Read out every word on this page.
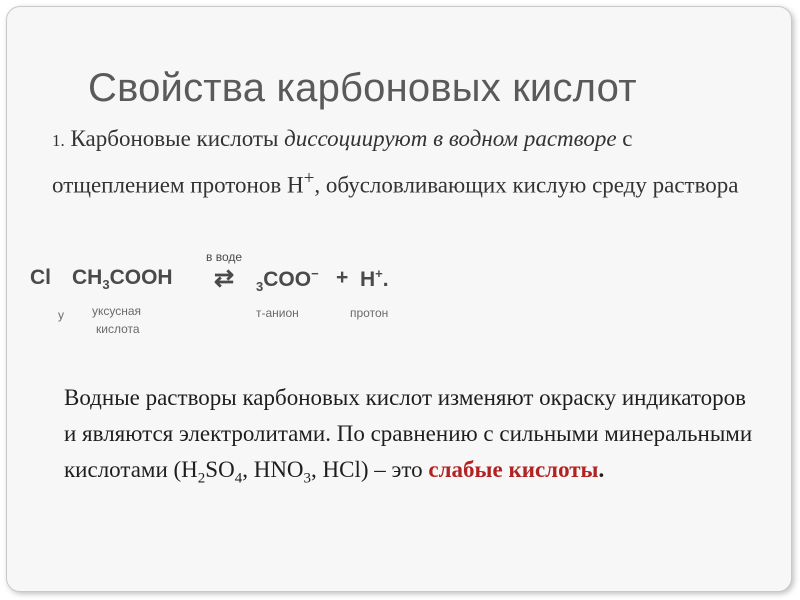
Свойства карбоновых кислот
1. Карбоновые кислоты диссоциируют в водном растворе с отщеплением протонов Н+, обусловливающих кислую среду раствора
Cl $CH_3COOH$
в воде
⇄ $_3$COO− + H+.
у уксусная
кислота
т-анион	протон
Водные растворы карбоновых кислот изменяют окраску индикаторов и являются электролитами. По сравнению с сильными минеральными кислотами ($H_2SO_4$, $HNO_3$, HCl) – это слабые кислоты.
